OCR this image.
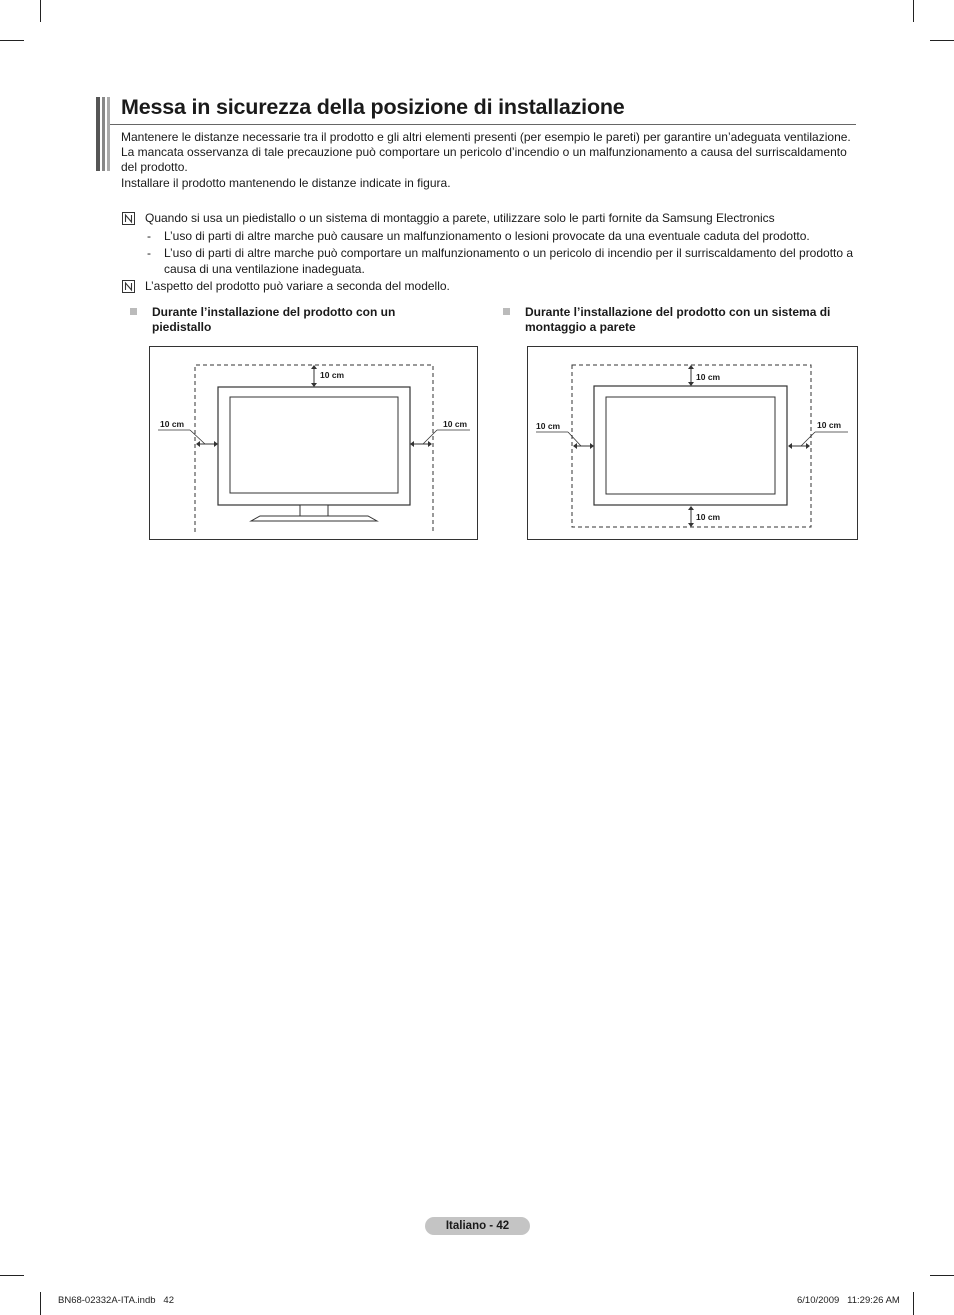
Messa in sicurezza della posizione di installazione

Mantenere le distanze necessarie tra il prodotto e gli altri elementi presenti (per esempio le pareti) per garantire un’adeguata ventilazione.

La mancata osservanza di tale precauzione può comportare un pericolo d’incendio o un malfunzionamento a causa del surriscaldamento del prodotto.

Installare il prodotto mantenendo le distanze indicate in figura.

Quando si usa un piedistallo o un sistema di montaggio a parete, utilizzare solo le parti fornite da Samsung Electronics
- L’uso di parti di altre marche può causare un malfunzionamento o lesioni provocate da una eventuale caduta del prodotto.
- L’uso di parti di altre marche può comportare un malfunzionamento o un pericolo di incendio per il surriscaldamento del prodotto a causa di una ventilazione inadeguata.
L’aspetto del prodotto può variare a seconda del modello.
Durante l’installazione del prodotto con un piedistallo
Durante l’installazione del prodotto con un sistema di montaggio a parete
10 cm
10 cm	10 cm
10 cm
10 cm	10 cm
10 cm
Italiano - 42
BN68-02332A-ITA.indb   42	6/10/2009   11:29:26 AM
